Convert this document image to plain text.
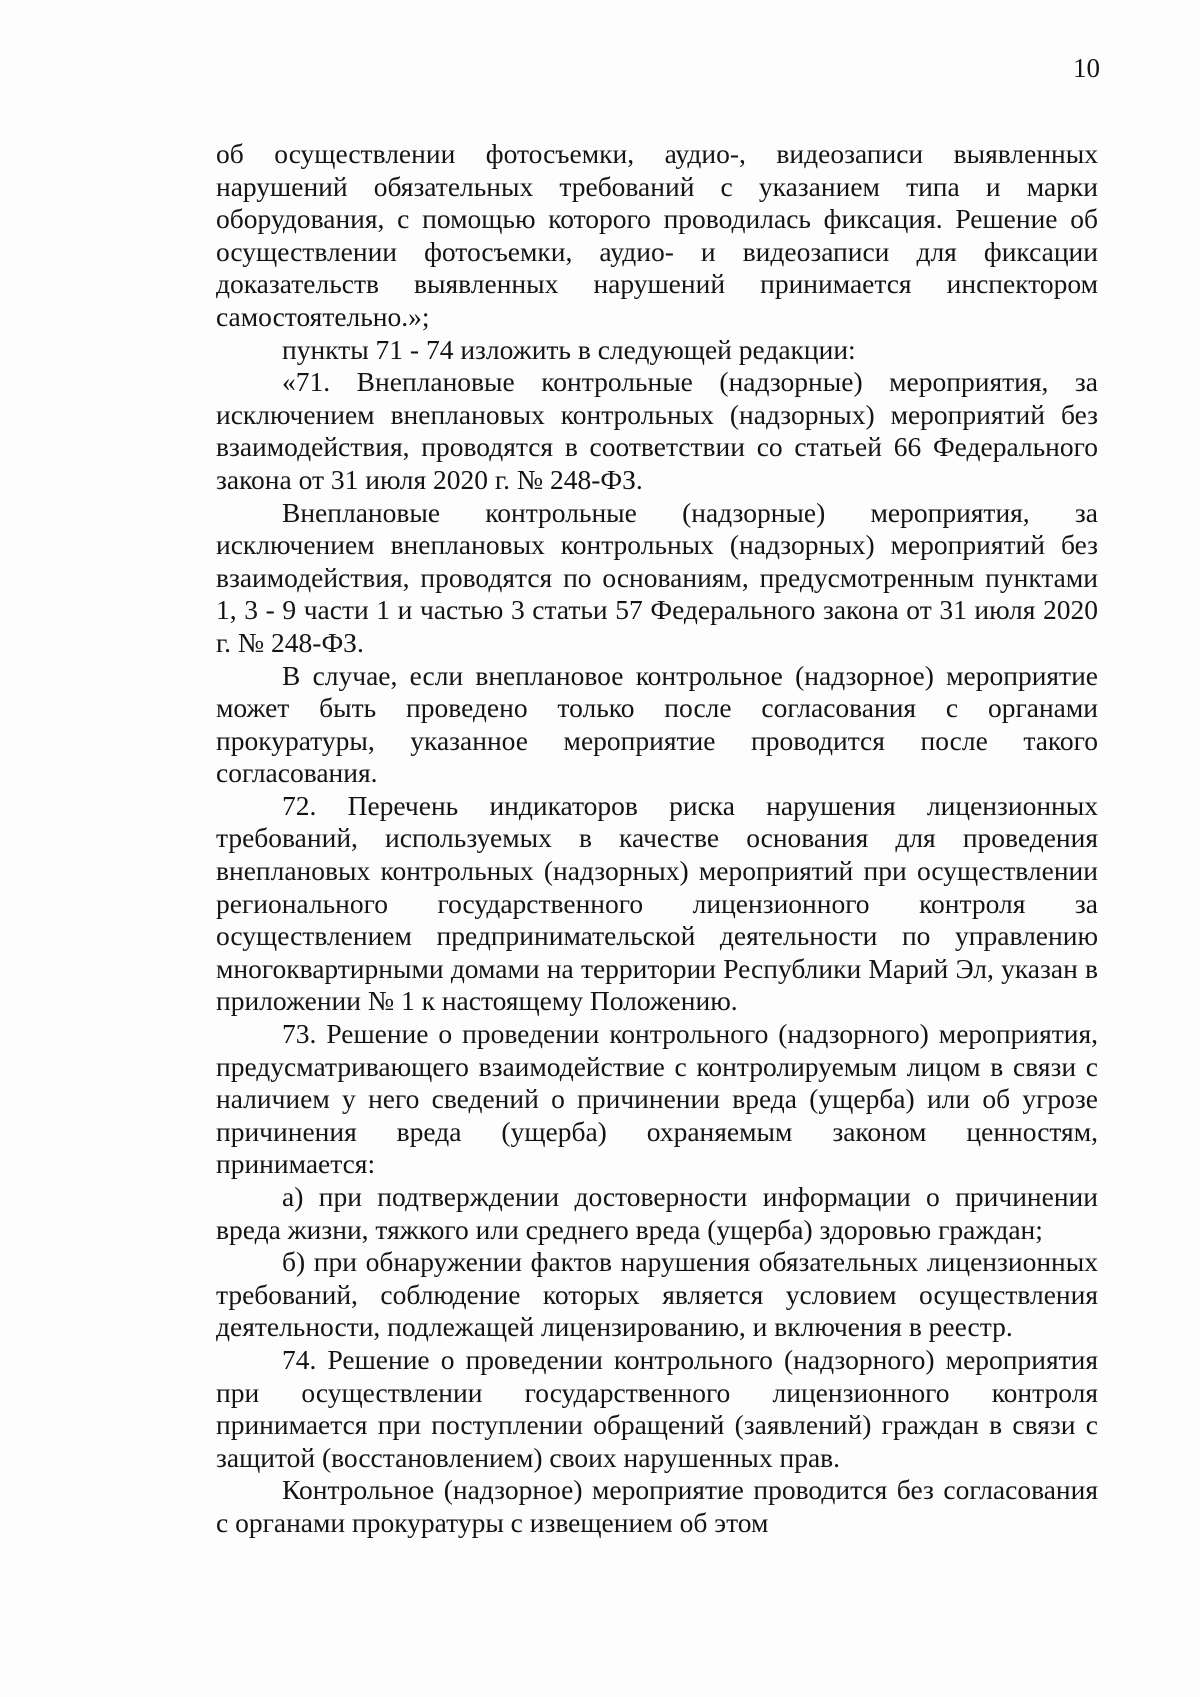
10

об осуществлении фотосъемки, аудио-, видеозаписи выявленных нарушений обязательных требований с указанием типа и марки оборудования, с помощью которого проводилась фиксация. Решение об осуществлении фотосъемки, аудио- и видеозаписи для фиксации доказательств выявленных нарушений принимается инспектором самостоятельно.»;

пункты 71 - 74 изложить в следующей редакции:

«71. Внеплановые контрольные (надзорные) мероприятия, за исключением внеплановых контрольных (надзорных) мероприятий без взаимодействия, проводятся в соответствии со статьей 66 Федерального закона от 31 июля 2020 г. № 248-ФЗ.

Внеплановые контрольные (надзорные) мероприятия, за исключением внеплановых контрольных (надзорных) мероприятий без взаимодействия, проводятся по основаниям, предусмотренным пунктами 1, 3 - 9 части 1 и частью 3 статьи 57 Федерального закона от 31 июля 2020 г. № 248-ФЗ.

В случае, если внеплановое контрольное (надзорное) мероприятие может быть проведено только после согласования с органами прокуратуры, указанное мероприятие проводится после такого согласования.

72. Перечень индикаторов риска нарушения лицензионных требований, используемых в качестве основания для проведения внеплановых контрольных (надзорных) мероприятий при осуществлении регионального государственного лицензионного контроля за осуществлением предпринимательской деятельности по управлению многоквартирными домами на территории Республики Марий Эл, указан в приложении № 1 к настоящему Положению.

73. Решение о проведении контрольного (надзорного) мероприятия, предусматривающего взаимодействие с контролируемым лицом в связи с наличием у него сведений о причинении вреда (ущерба) или об угрозе причинения вреда (ущерба) охраняемым законом ценностям, принимается:

а) при подтверждении достоверности информации о причинении вреда жизни, тяжкого или среднего вреда (ущерба) здоровью граждан;

б) при обнаружении фактов нарушения обязательных лицензионных требований, соблюдение которых является условием осуществления деятельности, подлежащей лицензированию, и включения в реестр.

74. Решение о проведении контрольного (надзорного) мероприятия при осуществлении государственного лицензионного контроля принимается при поступлении обращений (заявлений) граждан в связи с защитой (восстановлением) своих нарушенных прав.

Контрольное (надзорное) мероприятие проводится без согласования с органами прокуратуры с извещением об этом
